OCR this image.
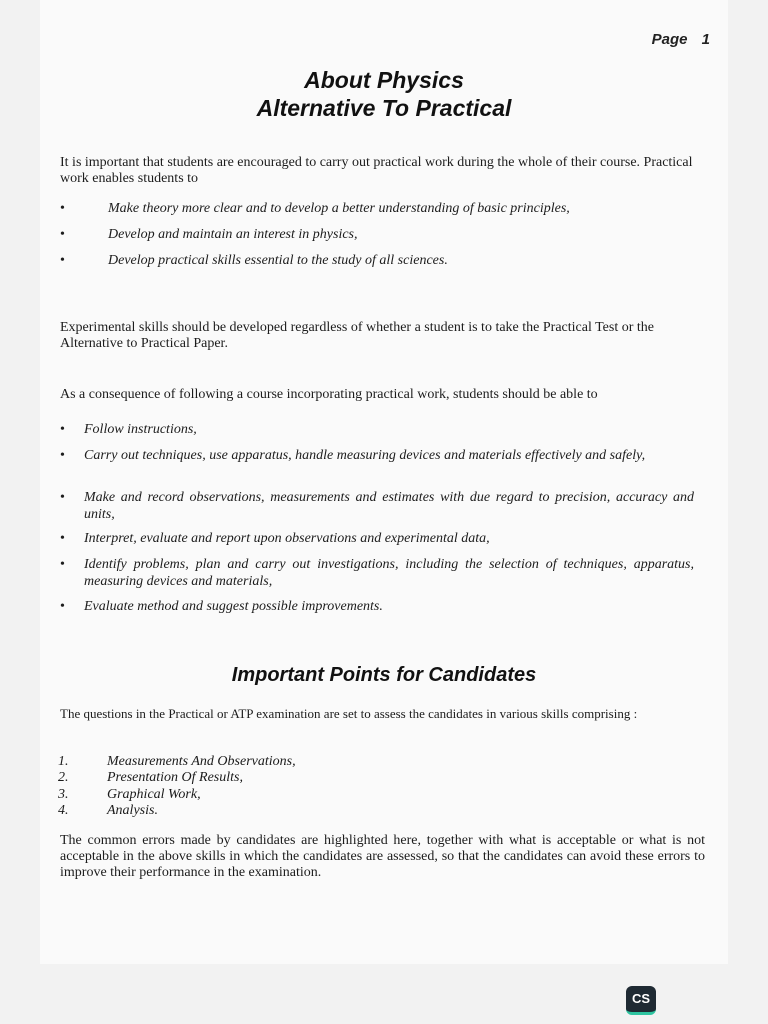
Page 1
About Physics
Alternative To Practical
It is important that students are encouraged to carry out practical work during the whole of their course. Practical work enables students to
•	Make theory more clear and to develop a better understanding of basic principles,
•	Develop and maintain an interest in physics,
•	Develop practical skills essential to the study of all sciences.
Experimental skills should be developed regardless of whether a student is to take the Practical Test or the Alternative to Practical Paper.
As a consequence of following a course incorporating practical work, students should be able to
• Follow instructions,
• Carry out techniques, use apparatus, handle measuring devices and materials effectively and safely,
• Make and record observations, measurements and estimates with due regard to precision, accuracy and units,
• Interpret, evaluate and report upon observations and experimental data,
• Identify problems, plan and carry out investigations, including the selection of techniques, apparatus, measuring devices and materials,
• Evaluate method and suggest possible improvements.
Important Points for Candidates
The questions in the Practical or ATP examination are set to assess the candidates in various skills comprising :
1.	Measurements And Observations,
2.	Presentation Of Results,
3.	Graphical Work,
4.	Analysis.
The common errors made by candidates are highlighted here, together with what is acceptable or what is not acceptable in the above skills in which the candidates are assessed, so that the candidates can avoid these errors to improve their performance in the examination.
CS
